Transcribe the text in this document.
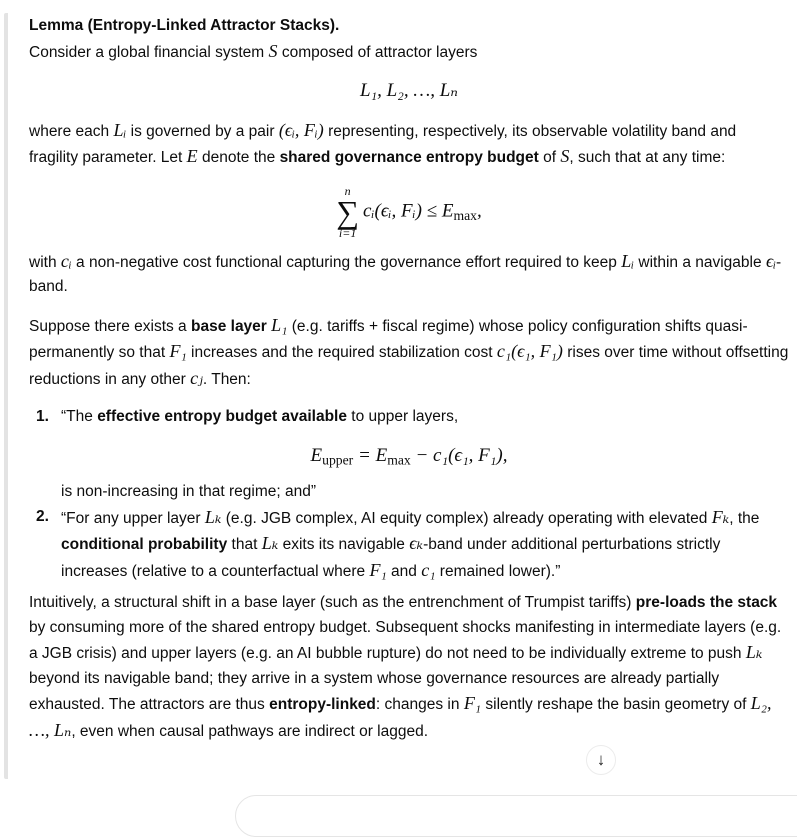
Lemma (Entropy-Linked Attractor Stacks).

Consider a global financial system S composed of attractor layers

L₁, L₂, …, Lₙ

where each Lᵢ is governed by a pair (ϵᵢ, Fᵢ) representing, respectively, its observable volatility band and fragility parameter. Let E denote the shared governance entropy budget of S, such that at any time:

n
∑
i=1
cᵢ(ϵᵢ, Fᵢ) ≤ $E_{max}$,

with cᵢ a non-negative cost functional capturing the governance effort required to keep Lᵢ within a navigable ϵᵢ-band.

Suppose there exists a base layer L₁ (e.g. tariffs + fiscal regime) whose policy configuration shifts quasi-permanently so that F₁ increases and the required stabilization cost c₁(ϵ₁, F₁) rises over time without offsetting reductions in any other cⱼ. Then:

1. “The effective entropy budget available to upper layers,
$E_{upper} = E_{max} - c_1(\epsilon_1$, F₁),
is non-increasing in that regime; and”
2. “For any upper layer Lₖ (e.g. JGB complex, AI equity complex) already operating with elevated Fₖ, the conditional probability that Lₖ exits its navigable ϵₖ-band under additional perturbations strictly increases (relative to a counterfactual where F₁ and c₁ remained lower).”

Intuitively, a structural shift in a base layer (such as the entrenchment of Trumpist tariffs) pre-loads the stack by consuming more of the shared entropy budget. Subsequent shocks manifesting in intermediate layers (e.g. a JGB crisis) and upper layers (e.g. an AI bubble rupture) do not need to be individually extreme to push Lₖ beyond its navigable band; they arrive in a system whose governance resources are already partially exhausted. The attractors are thus entropy-linked: changes in F₁ silently reshape the basin geometry of L₂, …, Lₙ, even when causal pathways are indirect or lagged.

↓
